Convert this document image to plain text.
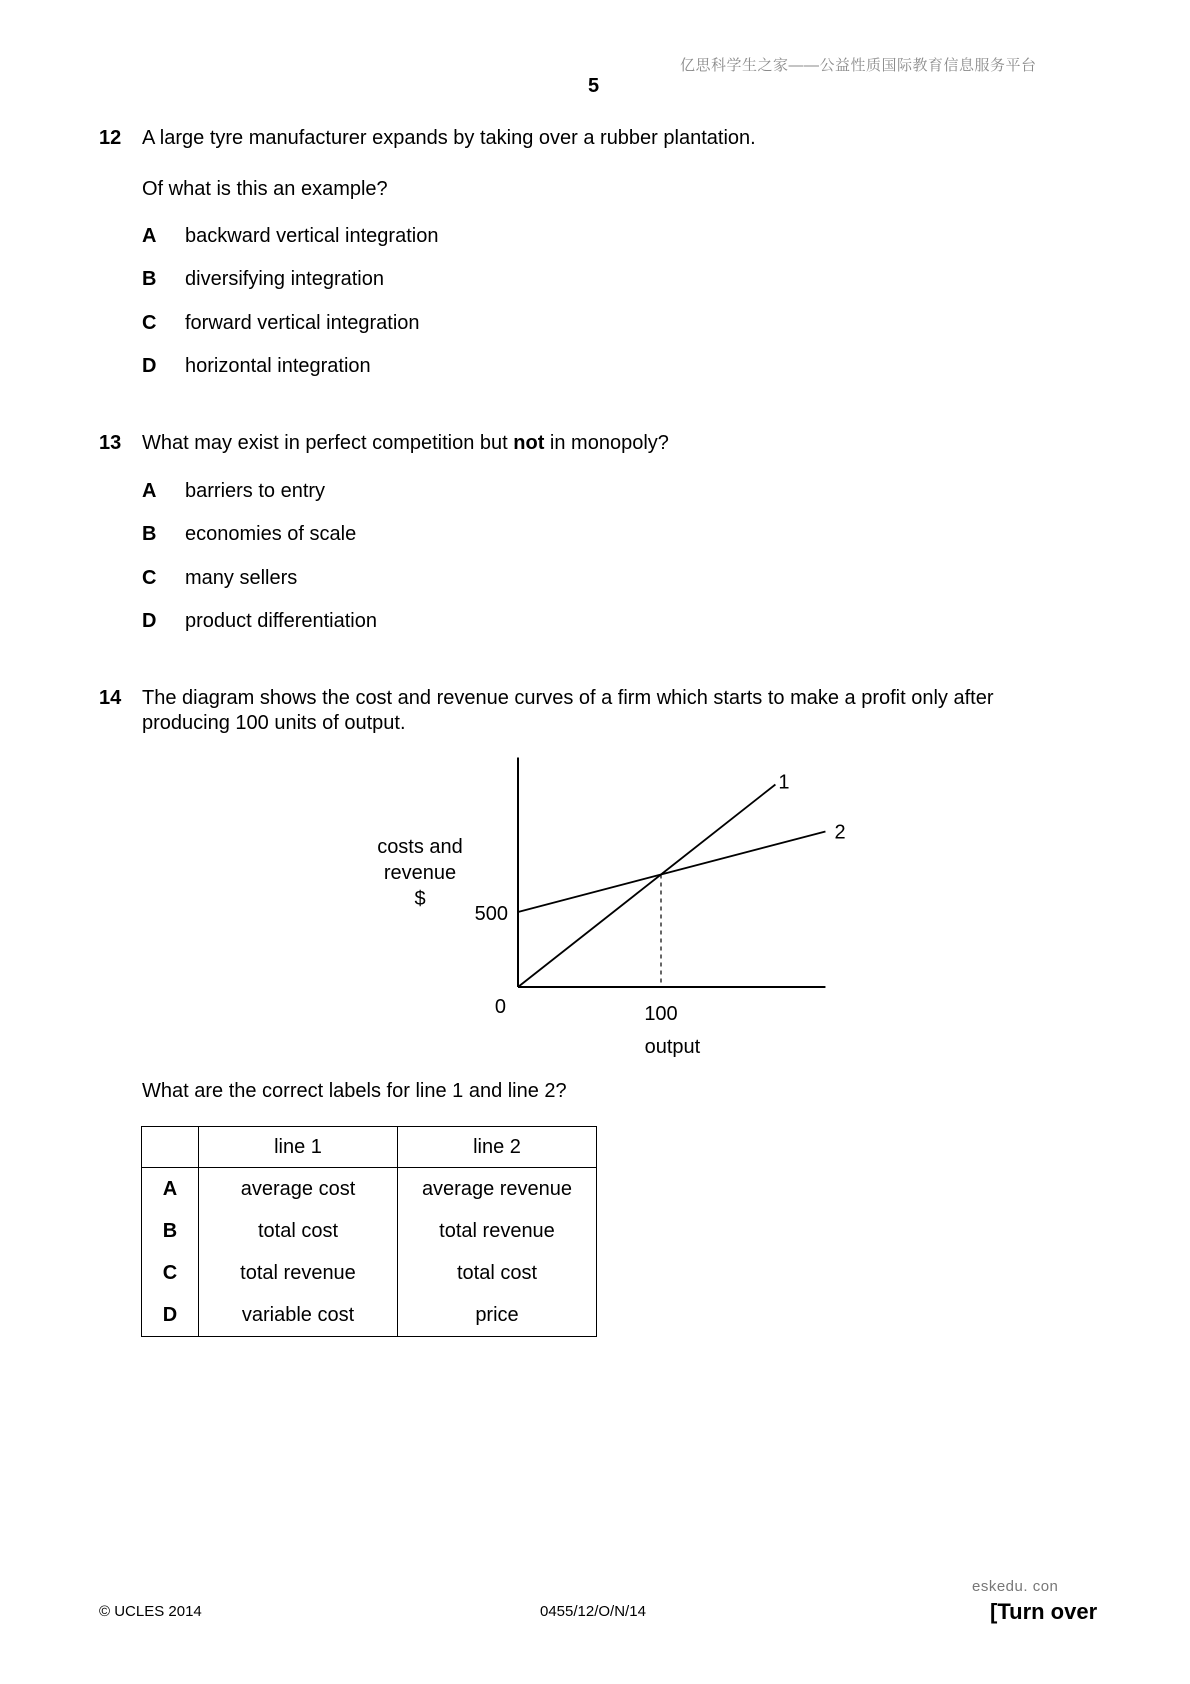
亿思科学生之家——公益性质国际教育信息服务平台
5
12 A large tyre manufacturer expands by taking over a rubber plantation.
Of what is this an example?
A backward vertical integration
B diversifying integration
C forward vertical integration
D horizontal integration
13 What may exist in perfect competition but not in monopoly?
A barriers to entry
B economies of scale
C many sellers
D product differentiation
14 The diagram shows the cost and revenue curves of a firm which starts to make a profit only after
producing 100 units of output.
1
2
500
0	100
output
costs and
revenue
$
What are the correct labels for line 1 and line 2?
	line 1	line 2
A	average cost	average revenue
B	total cost	total revenue
C	total revenue	total cost
D	variable cost	price
eskedu. con
© UCLES 2014	0455/12/O/N/14	[Turn over
